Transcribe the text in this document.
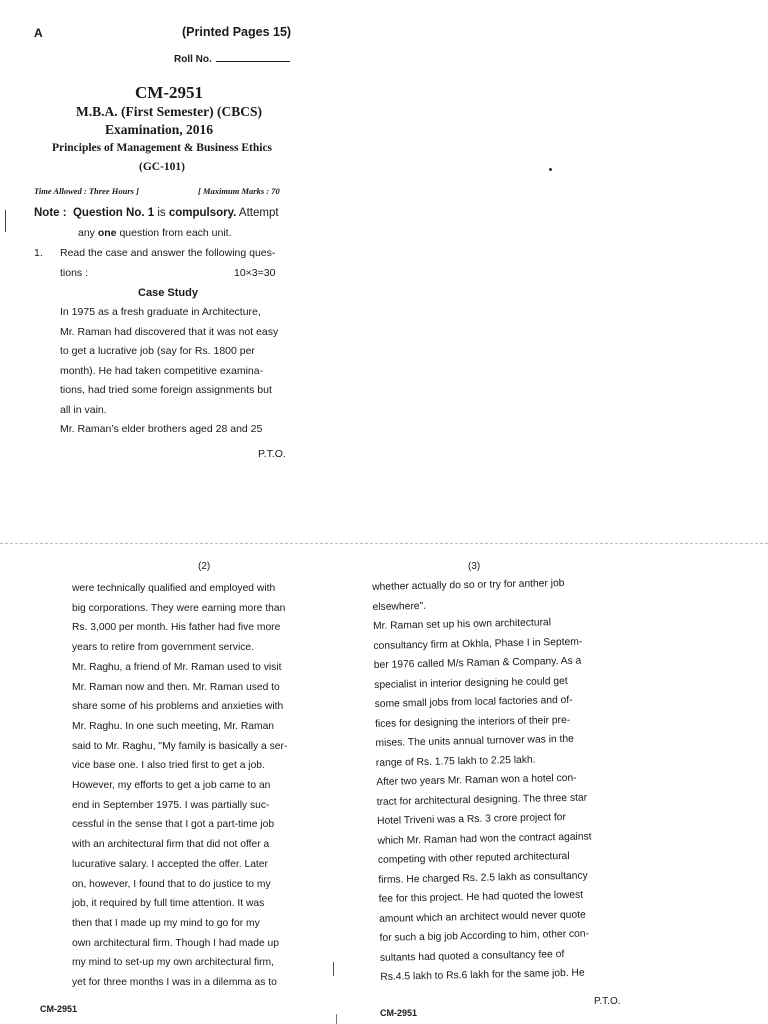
A	(Printed Pages 15)
Roll No.
CM-2951
M.B.A. (First Semester) (CBCS)
Examination, 2016
Principles of Management & Business Ethics
(GC-101)
Time Allowed : Three Hours ]	[ Maximum Marks : 70
Note : Question No. 1 is compulsory. Attempt
any one question from each unit.
1. Read the case and answer the following ques-
tions :	10×3=30
Case Study
In 1975 as a fresh graduate in Architecture,
Mr. Raman had discovered that it was not easy
to get a lucrative job (say for Rs. 1800 per
month). He had taken competitive examina-
tions, had tried some foreign assignments but
all in vain.
Mr. Raman’s elder brothers aged 28 and 25
P.T.O.
(2)	(3)
were technically qualified and employed with
big corporations. They were earning more than
Rs. 3,000 per month. His father had five more
years to retire from government service.
Mr. Raghu, a friend of Mr. Raman used to visit
Mr. Raman now and then. Mr. Raman used to
share some of his problems and anxieties with
Mr. Raghu. In one such meeting, Mr. Raman
said to Mr. Raghu, "My family is basically a ser-
vice base one. I also tried first to get a job.
However, my efforts to get a job came to an
end in September 1975. I was partially suc-
cessful in the sense that I got a part-time job
with an architectural firm that did not offer a
lucurative salary. I accepted the offer. Later
on, however, I found that to do justice to my
job, it required by full time attention. It was
then that I made up my mind to go for my
own architectural firm. Though I had made up
my mind to set-up my own architectural firm,
yet for three months I was in a dilemma as to
whether actually do so or try for anther job
elsewhere".
Mr. Raman set up his own architectural
consultancy firm at Okhla, Phase I in Septem-
ber 1976 called M/s Raman & Company. As a
specialist in interior designing he could get
some small jobs from local factories and of-
fices for designing the interiors of their pre-
mises. The units annual turnover was in the
range of Rs. 1.75 lakh to 2.25 lakh.
After two years Mr. Raman won a hotel con-
tract for architectural designing. The three star
Hotel Triveni was a Rs. 3 crore project for
which Mr. Raman had won the contract against
competing with other reputed architectural
firms. He charged Rs. 2.5 lakh as consultancy
fee for this project. He had quoted the lowest
amount which an architect would never quote
for such a big job According to him, other con-
sultants had quoted a consultancy fee of
Rs.4.5 lakh to Rs.6 lakh for the same job. He
CM-2951	CM-2951
P.T.O.
